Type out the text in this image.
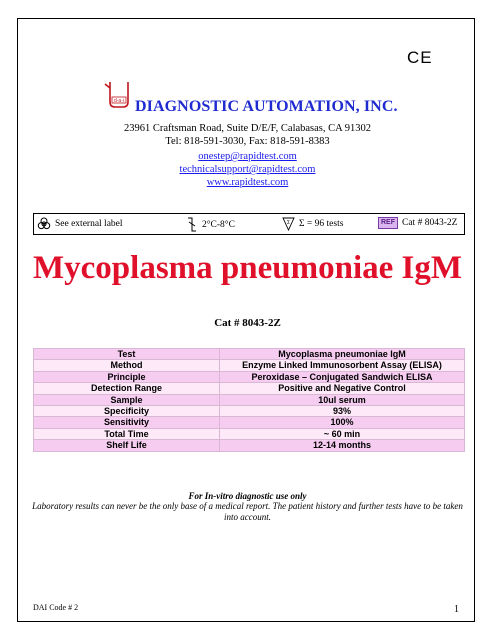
CE
d·a·i DIAGNOSTIC AUTOMATION, INC.
23961 Craftsman Road, Suite D/E/F, Calabasas, CA 91302
Tel: 818-591-3030, Fax: 818-591-8383
onestep@rapidtest.com
technicalsupport@rapidtest.com
www.rapidtest.com
See external label	2°C-8°C	Σ Σ = 96 tests	REF Cat # 8043-2Z
Mycoplasma pneumoniae IgM
Cat # 8043-2Z
Test	Mycoplasma pneumoniae IgM
Method	Enzyme Linked Immunosorbent Assay (ELISA)
Principle	Peroxidase – Conjugated Sandwich ELISA
Detection Range	Positive and Negative Control
Sample	10ul serum
Specificity	93%
Sensitivity	100%
Total Time	~ 60 min
Shelf Life	12-14 months
For In-vitro diagnostic use only
Laboratory results can never be the only base of a medical report. The patient history and further tests have to be taken into account.
DAI Code # 2	1
